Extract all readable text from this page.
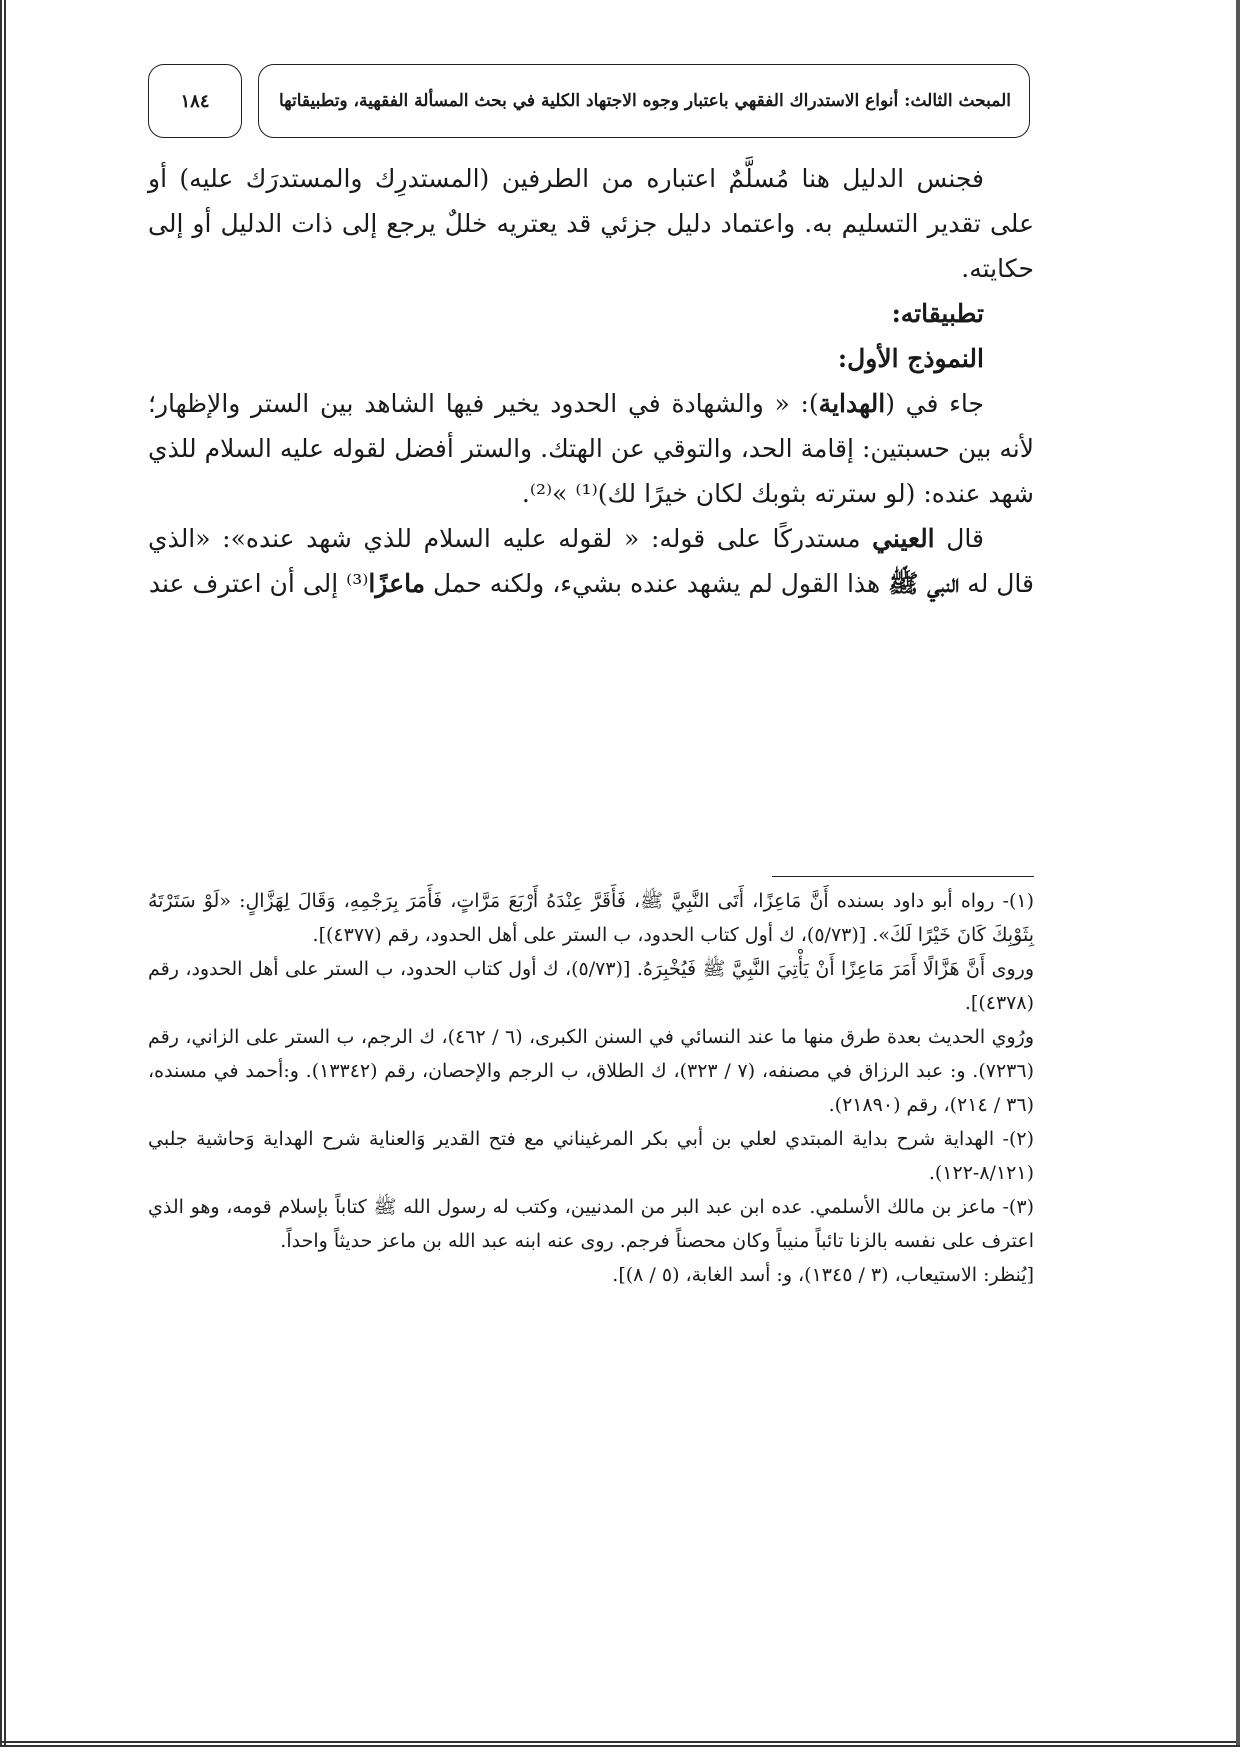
المبحث الثالث: أنواع الاستدراك الفقهي باعتبار وجوه الاجتهاد الكلية في بحث المسألة الفقهية، وتطبيقاتها
١٨٤

فجنس الدليل هنا مُسلَّمٌ اعتباره من الطرفين (المستدرِك والمستدرَك عليه) أو على تقدير التسليم به. واعتماد دليل جزئي قد يعتريه خللٌ يرجع إلى ذات الدليل أو إلى حكايته.

تطبيقاته:

النموذج الأول:

جاء في (الهداية): « والشهادة في الحدود يخير فيها الشاهد بين الستر والإظهار؛ لأنه بين حسبتين: إقامة الحد، والتوقي عن الهتك. والستر أفضل لقوله عليه السلام للذي شهد عنده: (لو سترته بثوبك لكان خيرًا لك)⁽¹⁾ »⁽²⁾.

قال العيني مستدركًا على قوله: « لقوله عليه السلام للذي شهد عنده»: «الذي قال له النبي ﷺ هذا القول لم يشهد عنده بشيء، ولكنه حمل ماعزًا⁽³⁾ إلى أن اعترف عند

(١)- رواه أبو داود بسنده أَنَّ مَاعِزًا، أَتَى النَّبِيَّ ﷺ، فَأَقَرَّ عِنْدَهُ أَرْبَعَ مَرَّاتٍ، فَأَمَرَ بِرَجْمِهِ، وَقَالَ لِهَزَّالٍ: «لَوْ سَتَرْتَهُ بِثَوْبِكَ كَانَ خَيْرًا لَكَ». [(٥/٧٣)، ك أول كتاب الحدود، ب الستر على أهل الحدود، رقم (٤٣٧٧)].

وروى أَنَّ هَزَّالًا أَمَرَ مَاعِزًا أَنْ يَأْتِيَ النَّبِيَّ ﷺ فَيُخْبِرَهُ. [(٥/٧٣)، ك أول كتاب الحدود، ب الستر على أهل الحدود، رقم (٤٣٧٨)].

ورُوي الحديث بعدة طرق منها ما عند النسائي في السنن الكبرى، (٦ / ٤٦٢)، ك الرجم، ب الستر على الزاني، رقم (٧٢٣٦). و: عبد الرزاق في مصنفه، (٧ / ٣٢٣)، ك الطلاق، ب الرجم والإحصان، رقم (١٣٣٤٢). و:أحمد في مسنده، (٣٦ / ٢١٤)، رقم (٢١٨٩٠).

(٢)- الهداية شرح بداية المبتدي لعلي بن أبي بكر المرغيناني مع فتح القدير وَالعناية شرح الهداية وَحاشية جلبي (٨/١٢١-١٢٢).

(٣)- ماعز بن مالك الأسلمي. عده ابن عبد البر من المدنيين، وكتب له رسول الله ﷺ كتاباً بإسلام قومه، وهو الذي اعترف على نفسه بالزنا تائباً منيباً وكان محصناً فرجم. روى عنه ابنه عبد الله بن ماعز حديثاً واحداً.

[يُنظر: الاستيعاب، (٣ / ١٣٤٥)، و: أسد الغابة، (٥ / ٨)].
